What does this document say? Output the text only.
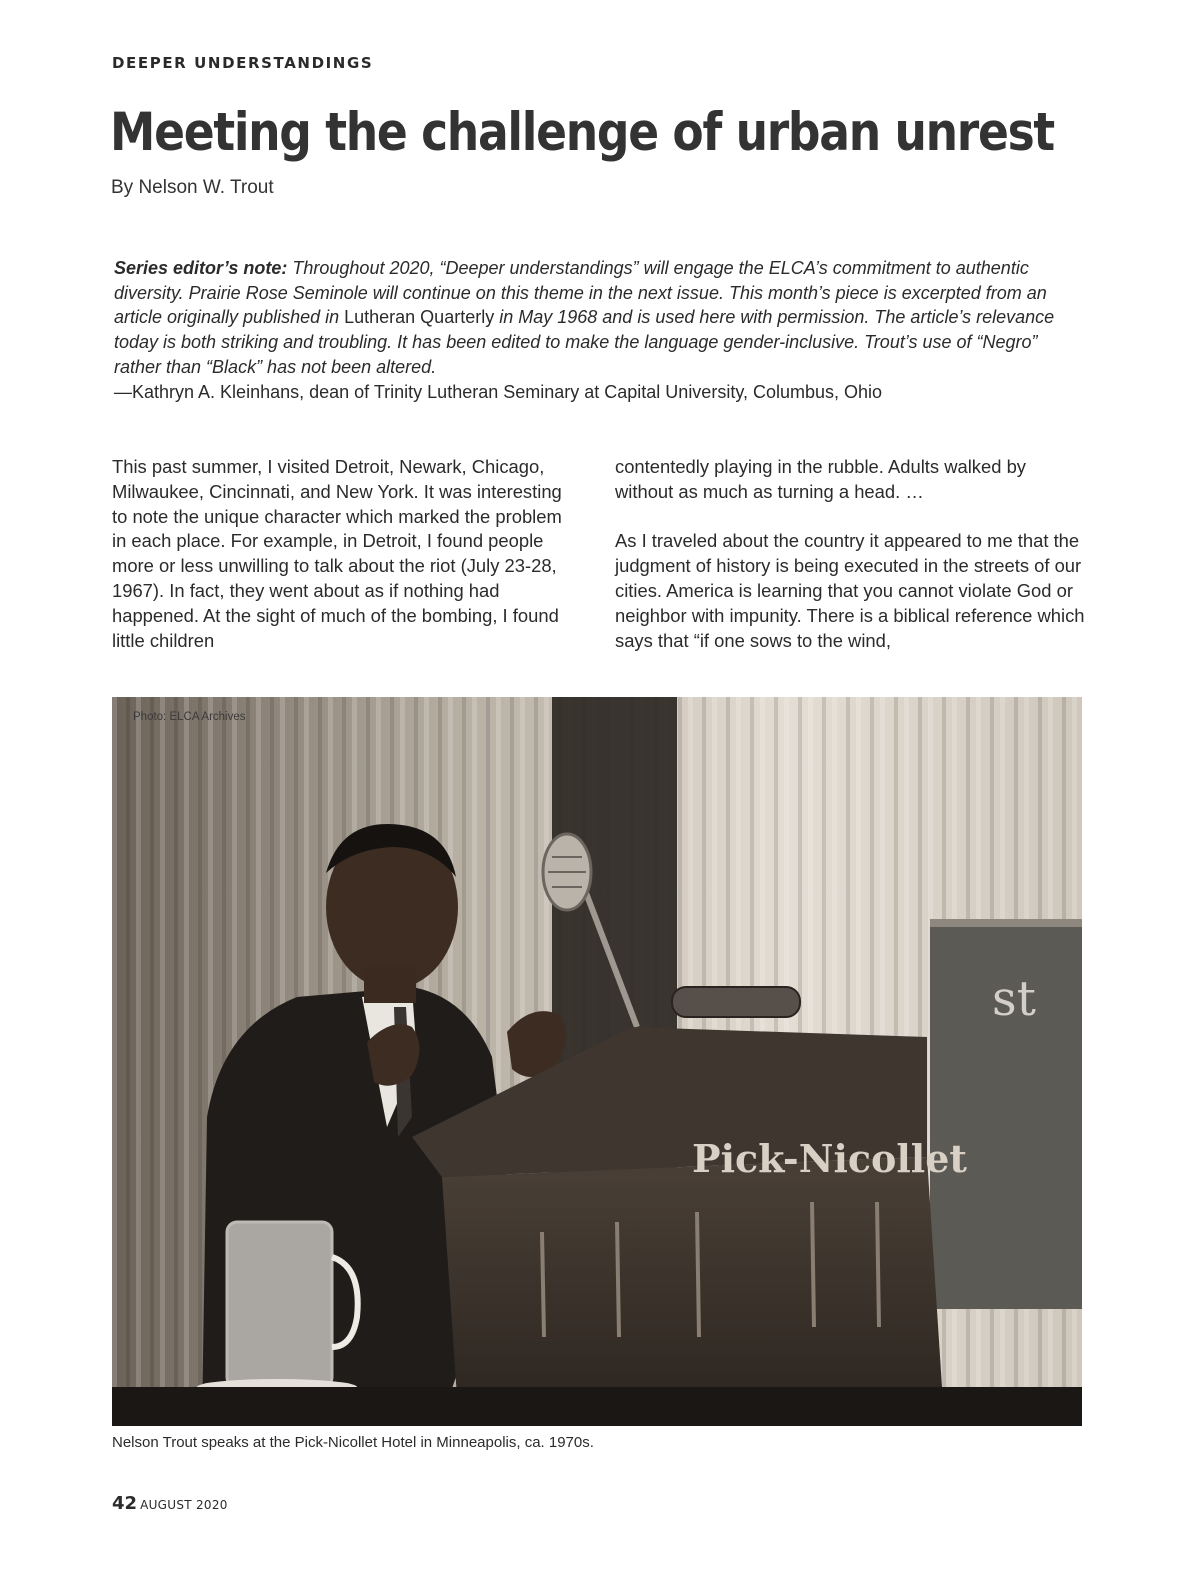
DEEPER UNDERSTANDINGS
Meeting the challenge of urban unrest
By Nelson W. Trout
Series editor’s note: Throughout 2020, “Deeper understandings” will engage the ELCA’s commitment to authentic diversity. Prairie Rose Seminole will continue on this theme in the next issue. This month’s piece is excerpted from an article originally published in Lutheran Quarterly in May 1968 and is used here with permission. The article’s relevance today is both striking and troubling. It has been edited to make the language gender-inclusive. Trout’s use of “Negro” rather than “Black” has not been altered.
—Kathryn A. Kleinhans, dean of Trinity Lutheran Seminary at Capital University, Columbus, Ohio

This past summer, I visited Detroit, Newark, Chicago, Milwaukee, Cincinnati, and New York. It was interesting to note the unique character which marked the problem in each place. For example, in Detroit, I found people more or less unwilling to talk about the riot (July 23-28, 1967). In fact, they went about as if nothing had happened. At the sight of much of the bombing, I found little children

contentedly playing in the rubble. Adults walked by without as much as turning a head. …

As I traveled about the country it appeared to me that the judgment of history is being executed in the streets of our cities. America is learning that you cannot violate God or neighbor with impunity. There is a biblical reference which says that “if one sows to the wind,

st
Pick-Nicollet
Photo: ELCA Archives
Nelson Trout speaks at the Pick-Nicollet Hotel in Minneapolis, ca. 1970s.
42 AUGUST 2020
